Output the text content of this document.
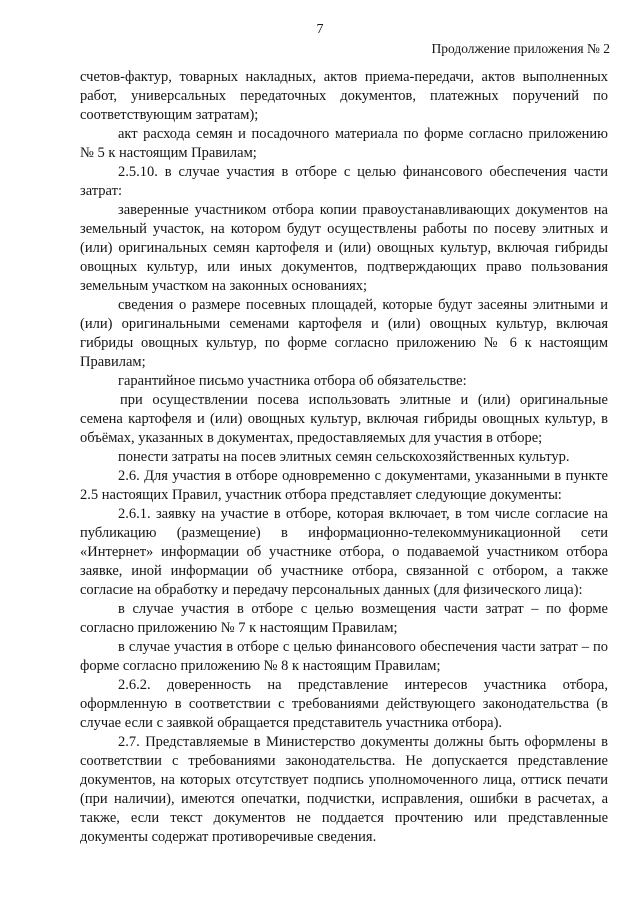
7
Продолжение приложения № 2

счетов-фактур, товарных накладных, актов приема-передачи, актов выполненных работ, универсальных передаточных документов, платежных поручений по соответствующим затратам);

акт расхода семян и посадочного материала по форме согласно приложению № 5 к настоящим Правилам;

2.5.10. в случае участия в отборе с целью финансового обеспечения части затрат:

заверенные участником отбора копии правоустанавливающих документов на земельный участок, на котором будут осуществлены работы по посеву элитных и (или) оригинальных семян картофеля и (или) овощных культур, включая гибриды овощных культур, или иных документов, подтверждающих право пользования земельным участком на законных основаниях;

сведения о размере посевных площадей, которые будут засеяны элитными и (или) оригинальными семенами картофеля и (или) овощных культур, включая гибриды овощных культур, по форме согласно приложению № 6 к настоящим Правилам;

гарантийное письмо участника отбора об обязательстве:

при осуществлении посева использовать элитные и (или) оригинальные семена картофеля и (или) овощных культур, включая гибриды овощных культур, в объёмах, указанных в документах, предоставляемых для участия в отборе;

понести затраты на посев элитных семян сельскохозяйственных культур.

2.6. Для участия в отборе одновременно с документами, указанными в пункте 2.5 настоящих Правил, участник отбора представляет следующие документы:

2.6.1. заявку на участие в отборе, которая включает, в том числе согласие на публикацию (размещение) в информационно-телекоммуникационной сети «Интернет» информации об участнике отбора, о подаваемой участником отбора заявке, иной информации об участнике отбора, связанной с отбором, а также согласие на обработку и передачу персональных данных (для физического лица):

в случае участия в отборе с целью возмещения части затрат – по форме согласно приложению № 7 к настоящим Правилам;

в случае участия в отборе с целью финансового обеспечения части затрат – по форме согласно приложению № 8 к настоящим Правилам;

2.6.2. доверенность на представление интересов участника отбора, оформленную в соответствии с требованиями действующего законодательства (в случае если с заявкой обращается представитель участника отбора).

2.7. Представляемые в Министерство документы должны быть оформлены в соответствии с требованиями законодательства. Не допускается представление документов, на которых отсутствует подпись уполномоченного лица, оттиск печати (при наличии), имеются опечатки, подчистки, исправления, ошибки в расчетах, а также, если текст документов не поддается прочтению или представленные документы содержат противоречивые сведения.
